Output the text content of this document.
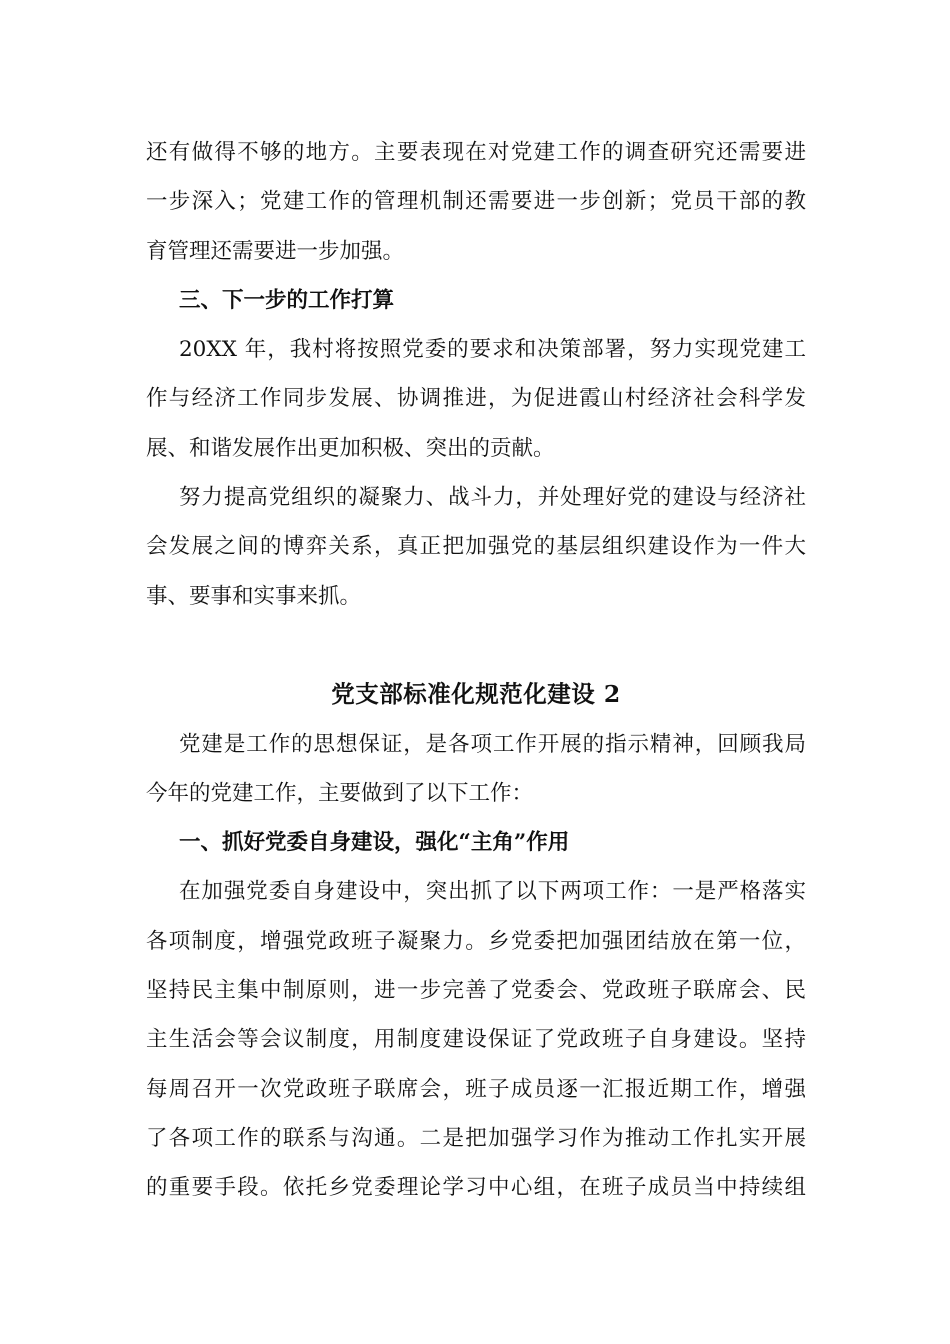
还有做得不够的地方。主要表现在对党建工作的调查研究还需要进
一步深入；党建工作的管理机制还需要进一步创新；党员干部的教
育管理还需要进一步加强。
三、下一步的工作打算
20XX 年，我村将按照党委的要求和决策部署，努力实现党建工
作与经济工作同步发展、协调推进，为促进霞山村经济社会科学发
展、和谐发展作出更加积极、突出的贡献。
努力提高党组织的凝聚力、战斗力，并处理好党的建设与经济社
会发展之间的博弈关系，真正把加强党的基层组织建设作为一件大
事、要事和实事来抓。
党支部标准化规范化建设 2
党建是工作的思想保证，是各项工作开展的指示精神，回顾我局
今年的党建工作，主要做到了以下工作：
一、抓好党委自身建设，强化“主角”作用
在加强党委自身建设中，突出抓了以下两项工作：一是严格落实
各项制度，增强党政班子凝聚力。乡党委把加强团结放在第一位，
坚持民主集中制原则，进一步完善了党委会、党政班子联席会、民
主生活会等会议制度，用制度建设保证了党政班子自身建设。坚持
每周召开一次党政班子联席会，班子成员逐一汇报近期工作，增强
了各项工作的联系与沟通。二是把加强学习作为推动工作扎实开展
的重要手段。依托乡党委理论学习中心组，在班子成员当中持续组
